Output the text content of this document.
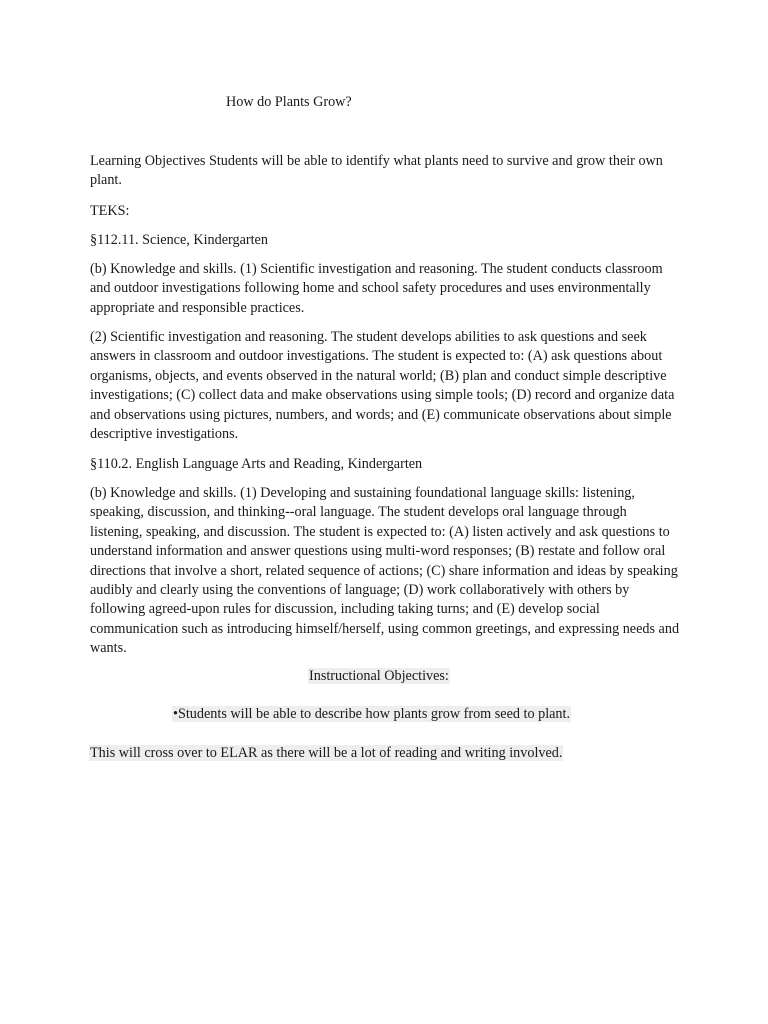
How do Plants Grow?

Learning Objectives Students will be able to identify what plants need to survive and grow their own plant.

TEKS:

§112.11. Science, Kindergarten

(b) Knowledge and skills. (1) Scientific investigation and reasoning. The student conducts classroom and outdoor investigations following home and school safety procedures and uses environmentally appropriate and responsible practices.

(2) Scientific investigation and reasoning. The student develops abilities to ask questions and seek answers in classroom and outdoor investigations. The student is expected to: (A) ask questions about organisms, objects, and events observed in the natural world; (B) plan and conduct simple descriptive investigations; (C) collect data and make observations using simple tools; (D) record and organize data and observations using pictures, numbers, and words; and (E) communicate observations about simple descriptive investigations.

§110.2. English Language Arts and Reading, Kindergarten

(b) Knowledge and skills. (1) Developing and sustaining foundational language skills: listening, speaking, discussion, and thinking--oral language. The student develops oral language through listening, speaking, and discussion. The student is expected to: (A) listen actively and ask questions to understand information and answer questions using multi-word responses; (B) restate and follow oral directions that involve a short, related sequence of actions; (C) share information and ideas by speaking audibly and clearly using the conventions of language; (D) work collaboratively with others by following agreed-upon rules for discussion, including taking turns; and (E) develop social communication such as introducing himself/herself, using common greetings, and expressing needs and wants.

Instructional Objectives:

•Students will be able to describe how plants grow from seed to plant.

This will cross over to ELAR as there will be a lot of reading and writing involved.
